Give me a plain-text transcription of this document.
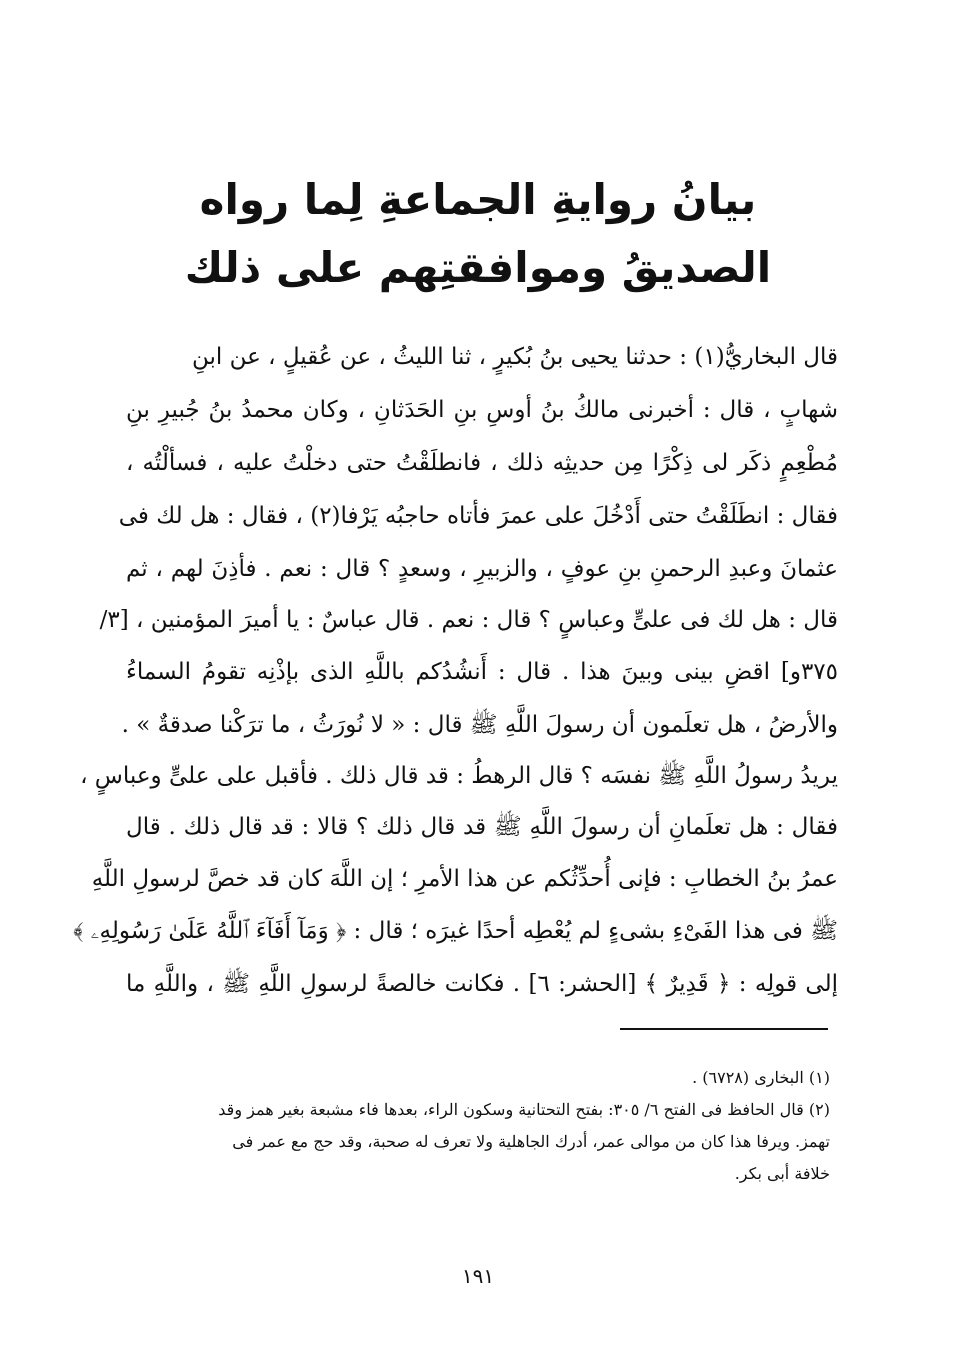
بيانُ روايةِ الجماعةِ لِما رواه
الصديقُ وموافقتِهم على ذلك
قال البخاريُّ(١) : حدثنا يحيى بنُ بُكيرٍ ، ثنا الليثُ ، عن عُقيلٍ ، عن ابنِ
شهابٍ ، قال : أخبرنى مالكُ بنُ أوسِ بنِ الحَدَثانِ ، وكان محمدُ بنُ جُبيرِ بنِ
مُطْعِمٍ ذكَر لى ذِكْرًا مِن حديثِه ذلك ، فانطلَقْتُ حتى دخلْتُ عليه ، فسألْتُه ،
فقال : انطَلَقْتُ حتى أَدْخُلَ على عمرَ فأتاه حاجبُه يَرْفا(٢) ، فقال : هل لك فى
عثمانَ وعبدِ الرحمنِ بنِ عوفٍ ، والزبيرِ ، وسعدٍ ؟ قال : نعم . فأذِنَ لهم ، ثم
قال : هل لك فى علىٍّ وعباسٍ ؟ قال : نعم . قال عباسٌ : يا أميرَ المؤمنين ، [٣/
٣٧٥و] اقضِ بينى وبينَ هذا . قال : أَنشُدُكم باللَّهِ الذى بإذْنِه تقومُ السماءُ
والأرضُ ، هل تعلَمون أن رسولَ اللَّهِ ﷺ قال : « لا نُورَثُ ، ما ترَكْنا صدقةٌ » .
يريدُ رسولُ اللَّهِ ﷺ نفسَه ؟ قال الرهطُ : قد قال ذلك . فأقبل على علىٍّ وعباسٍ ،
فقال : هل تعلَمانِ أن رسولَ اللَّهِ ﷺ قد قال ذلك ؟ قالا : قد قال ذلك . قال
عمرُ بنُ الخطابِ : فإنى أُحدِّثُكم عن هذا الأمرِ ؛ إن اللَّهَ كان قد خصَّ لرسولِ اللَّهِ
ﷺ فى هذا الفَىْءِ بشىءٍ لم يُعْطِه أحدًا غيرَه ؛ قال : ﴿ وَمَآ أَفَآءَ ٱللَّهُ عَلَىٰ رَسُولِهِۦ ﴾
إلى قولِه : ﴿ قَدِيرٌ ﴾ [الحشر: ٦] . فكانت خالصةً لرسولِ اللَّهِ ﷺ ، واللَّهِ ما
(١) البخارى (٦٧٢٨) .
(٢) قال الحافظ فى الفتح ٦/ ٣٠٥: بفتح التحتانية وسكون الراء، بعدها فاء مشبعة بغير همز وقد
تهمز. ويرفا هذا كان من موالى عمر، أدرك الجاهلية ولا تعرف له صحبة، وقد حج مع عمر فى
خلافة أبى بكر.
١٩١
